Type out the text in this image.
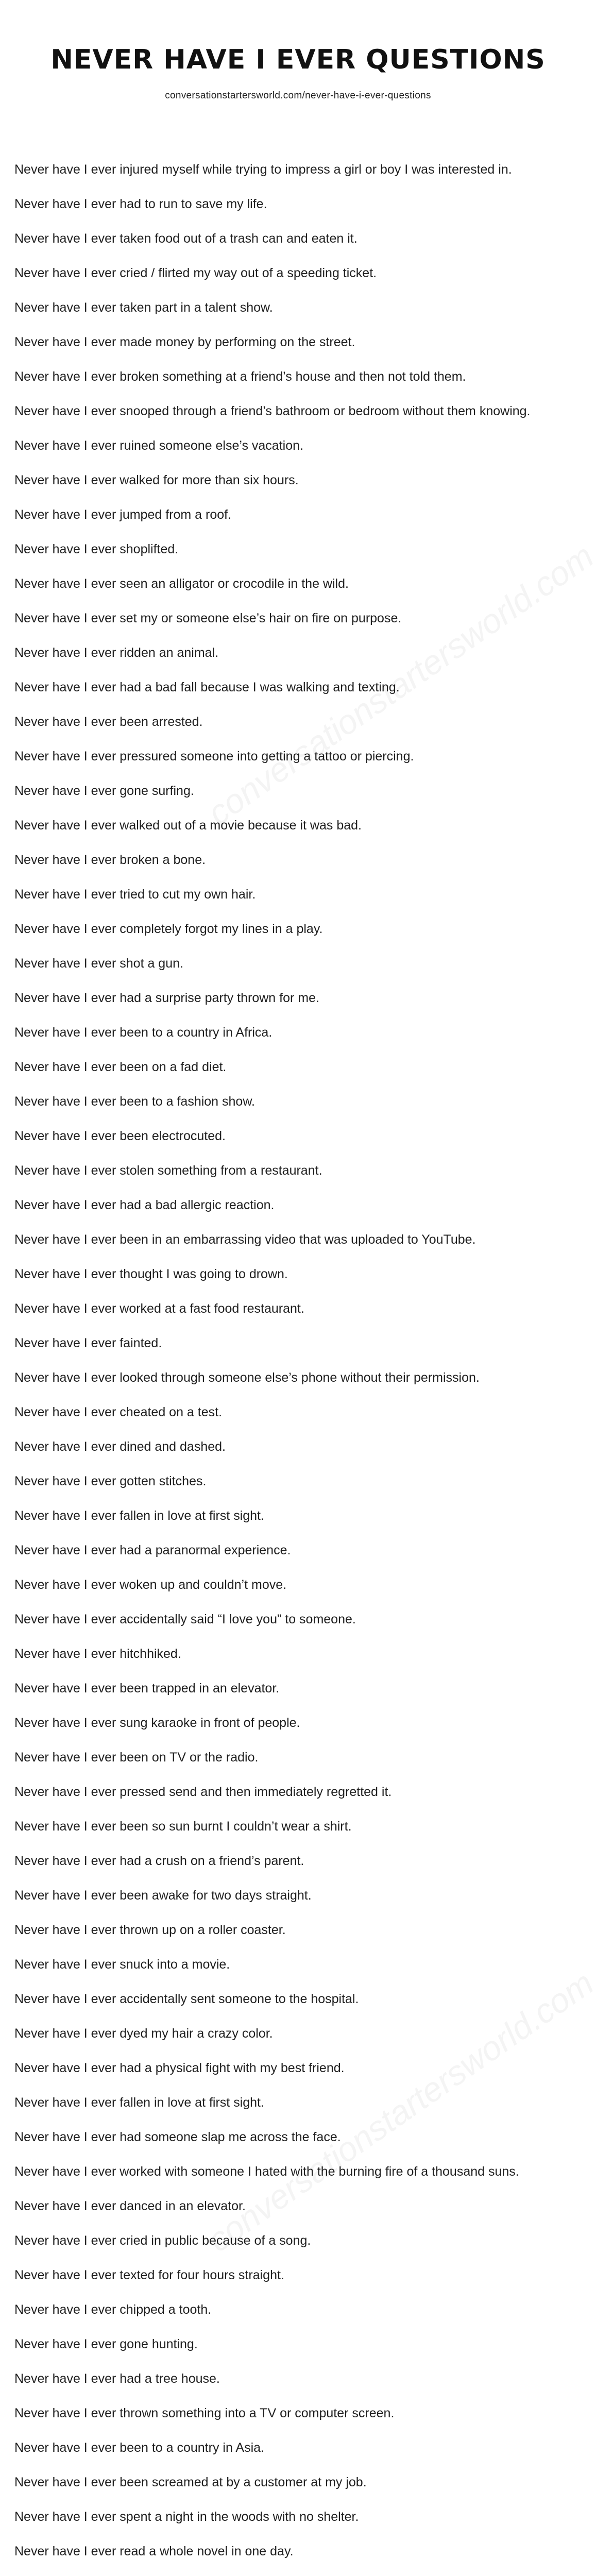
NEVER HAVE I EVER QUESTIONS
conversationstartersworld.com/never-have-i-ever-questions
Never have I ever injured myself while trying to impress a girl or boy I was interested in.
Never have I ever had to run to save my life.
Never have I ever taken food out of a trash can and eaten it.
Never have I ever cried / flirted my way out of a speeding ticket.
Never have I ever taken part in a talent show.
Never have I ever made money by performing on the street.
Never have I ever broken something at a friend’s house and then not told them.
Never have I ever snooped through a friend’s bathroom or bedroom without them knowing.
Never have I ever ruined someone else’s vacation.
Never have I ever walked for more than six hours.
Never have I ever jumped from a roof.
Never have I ever shoplifted.
Never have I ever seen an alligator or crocodile in the wild.
Never have I ever set my or someone else’s hair on fire on purpose.
Never have I ever ridden an animal.
Never have I ever had a bad fall because I was walking and texting.
Never have I ever been arrested.
Never have I ever pressured someone into getting a tattoo or piercing.
Never have I ever gone surfing.
Never have I ever walked out of a movie because it was bad.
Never have I ever broken a bone.
Never have I ever tried to cut my own hair.
Never have I ever completely forgot my lines in a play.
Never have I ever shot a gun.
Never have I ever had a surprise party thrown for me.
Never have I ever been to a country in Africa.
Never have I ever been on a fad diet.
Never have I ever been to a fashion show.
Never have I ever been electrocuted.
Never have I ever stolen something from a restaurant.
Never have I ever had a bad allergic reaction.
Never have I ever been in an embarrassing video that was uploaded to YouTube.
Never have I ever thought I was going to drown.
Never have I ever worked at a fast food restaurant.
Never have I ever fainted.
Never have I ever looked through someone else’s phone without their permission.
Never have I ever cheated on a test.
Never have I ever dined and dashed.
Never have I ever gotten stitches.
Never have I ever fallen in love at first sight.
Never have I ever had a paranormal experience.
Never have I ever woken up and couldn’t move.
Never have I ever accidentally said “I love you” to someone.
Never have I ever hitchhiked.
Never have I ever been trapped in an elevator.
Never have I ever sung karaoke in front of people.
Never have I ever been on TV or the radio.
Never have I ever pressed send and then immediately regretted it.
Never have I ever been so sun burnt I couldn’t wear a shirt.
Never have I ever had a crush on a friend’s parent.
Never have I ever been awake for two days straight.
Never have I ever thrown up on a roller coaster.
Never have I ever snuck into a movie.
Never have I ever accidentally sent someone to the hospital.
Never have I ever dyed my hair a crazy color.
Never have I ever had a physical fight with my best friend.
Never have I ever fallen in love at first sight.
Never have I ever had someone slap me across the face.
Never have I ever worked with someone I hated with the burning fire of a thousand suns.
Never have I ever danced in an elevator.
Never have I ever cried in public because of a song.
Never have I ever texted for four hours straight.
Never have I ever chipped a tooth.
Never have I ever gone hunting.
Never have I ever had a tree house.
Never have I ever thrown something into a TV or computer screen.
Never have I ever been to a country in Asia.
Never have I ever been screamed at by a customer at my job.
Never have I ever spent a night in the woods with no shelter.
Never have I ever read a whole novel in one day.
